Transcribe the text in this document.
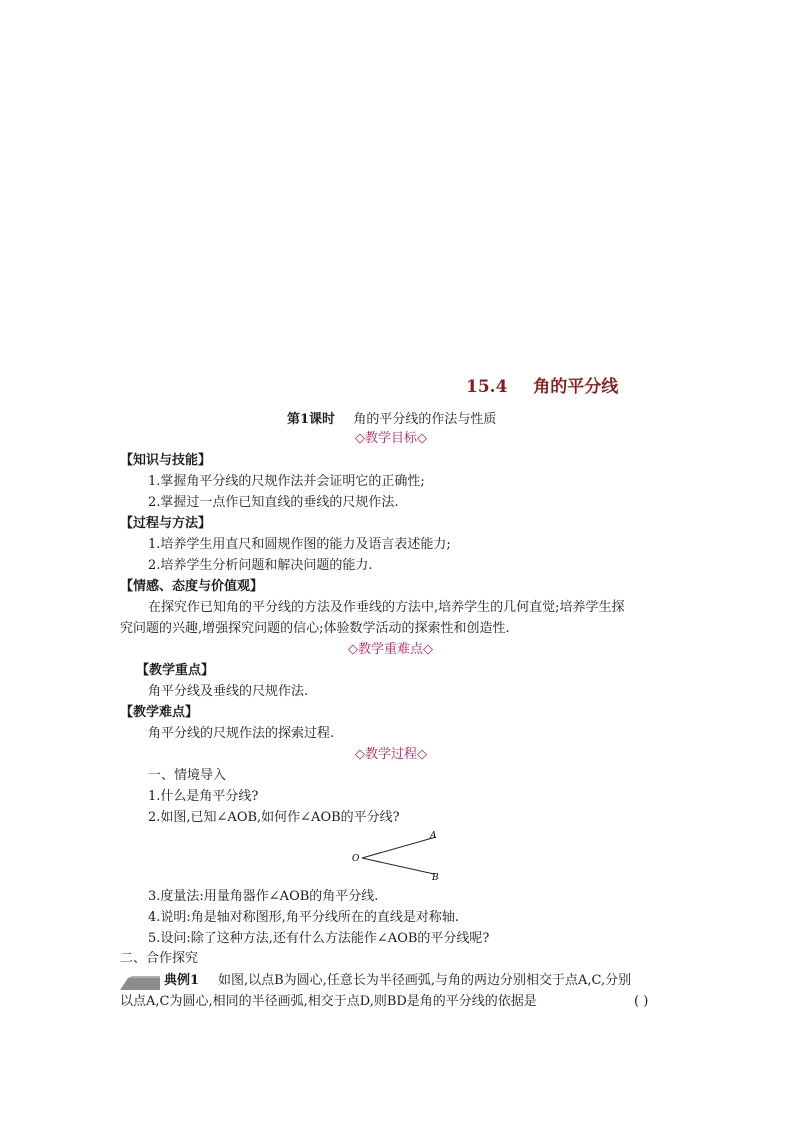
15.4 角的平分线
第1课时 角的平分线的作法与性质
◇教学目标◇
【知识与技能】
1.掌握角平分线的尺规作法并会证明它的正确性;
2.掌握过一点作已知直线的垂线的尺规作法.
【过程与方法】
1.培养学生用直尺和圆规作图的能力及语言表述能力;
2.培养学生分析问题和解决问题的能力.
【情感、态度与价值观】
在探究作已知角的平分线的方法及作垂线的方法中,培养学生的几何直觉;培养学生探
究问题的兴趣,增强探究问题的信心;体验数学活动的探索性和创造性.
◇教学重难点◇
【教学重点】
角平分线及垂线的尺规作法.
【教学难点】
角平分线的尺规作法的探索过程.
◇教学过程◇
一、情境导入
1.什么是角平分线?
2.如图,已知∠AOB,如何作∠AOB的平分线?
O
A
B
3.度量法:用量角器作∠AOB的角平分线.
4.说明:角是轴对称图形,角平分线所在的直线是对称轴.
5.设问:除了这种方法,还有什么方法能作∠AOB的平分线呢?
二、合作探究
典例1 如图,以点B为圆心,任意长为半径画弧,与角的两边分别相交于点A,C,分别
以点A,C为圆心,相同的半径画弧,相交于点D,则BD是角的平分线的依据是	( )
